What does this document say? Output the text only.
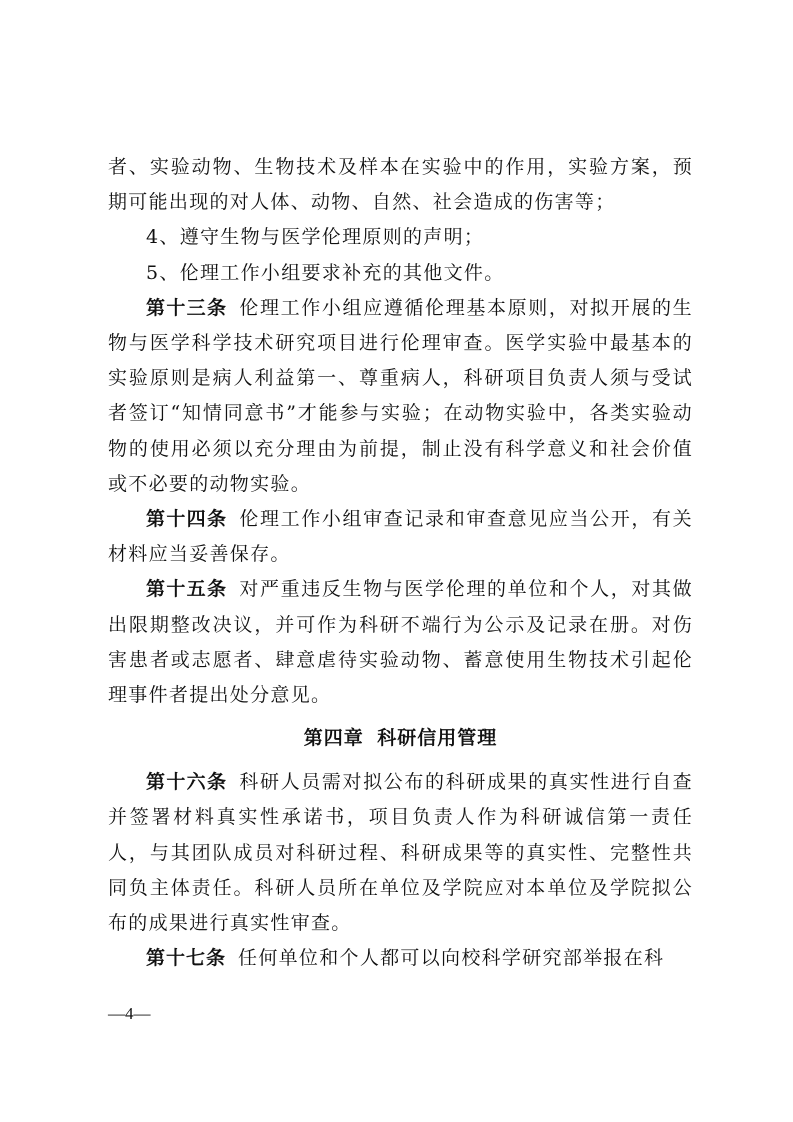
者、实验动物、生物技术及样本在实验中的作用，实验方案，预期可能出现的对人体、动物、自然、社会造成的伤害等；

4、遵守生物与医学伦理原则的声明；

5、伦理工作小组要求补充的其他文件。

第十三条 伦理工作小组应遵循伦理基本原则，对拟开展的生物与医学科学技术研究项目进行伦理审查。医学实验中最基本的实验原则是病人利益第一、尊重病人，科研项目负责人须与受试者签订“知情同意书”才能参与实验；在动物实验中，各类实验动物的使用必须以充分理由为前提，制止没有科学意义和社会价值或不必要的动物实验。

第十四条 伦理工作小组审查记录和审查意见应当公开，有关材料应当妥善保存。

第十五条 对严重违反生物与医学伦理的单位和个人，对其做出限期整改决议，并可作为科研不端行为公示及记录在册。对伤害患者或志愿者、肆意虐待实验动物、蓄意使用生物技术引起伦理事件者提出处分意见。

第四章 科研信用管理

第十六条 科研人员需对拟公布的科研成果的真实性进行自查并签署材料真实性承诺书，项目负责人作为科研诚信第一责任人，与其团队成员对科研过程、科研成果等的真实性、完整性共同负主体责任。科研人员所在单位及学院应对本单位及学院拟公布的成果进行真实性审查。

第十七条 任何单位和个人都可以向校科学研究部举报在科

—4—
